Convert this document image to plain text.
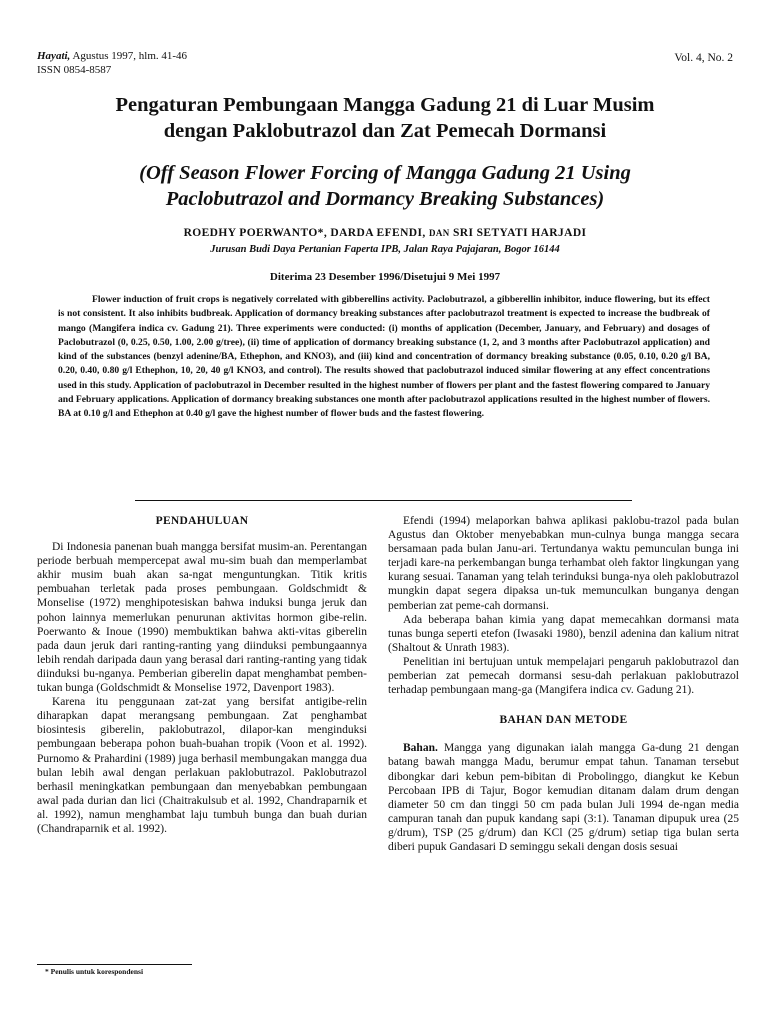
Hayati, Agustus 1997, hlm. 41-46
ISSN 0854-8587
Vol. 4, No. 2
Pengaturan Pembungaan Mangga Gadung 21 di Luar Musim
dengan Paklobutrazol dan Zat Pemecah Dormansi
(Off Season Flower Forcing of Mangga Gadung 21 Using
Paclobutrazol and Dormancy Breaking Substances)
ROEDHY POERWANTO*, DARDA EFENDI, DAN SRI SETYATI HARJADI
Jurusan Budi Daya Pertanian Faperta IPB, Jalan Raya Pajajaran, Bogor 16144
Diterima 23 Desember 1996/Disetujui 9 Mei 1997

Flower induction of fruit crops is negatively correlated with gibberellins activity. Paclobutrazol, a gibberellin inhibitor, induce flowering, but its effect is not consistent. It also inhibits budbreak. Application of dormancy breaking substances after paclobutrazol treatment is expected to increase the budbreak of mango (Mangifera indica cv. Gadung 21). Three experiments were conducted: (i) months of application (December, January, and February) and dosages of Paclobutrazol (0, 0.25, 0.50, 1.00, 2.00 g/tree), (ii) time of application of dormancy breaking substance (1, 2, and 3 months after Paclobutrazol application) and kind of the substances (benzyl adenine/BA, Ethephon, and KNO3), and (iii) kind and concentration of dormancy breaking substance (0.05, 0.10, 0.20 g/l BA, 0.20, 0.40, 0.80 g/l Ethephon, 10, 20, 40 g/l KNO3, and control). The results showed that paclobutrazol induced similar flowering at any effect concentrations used in this study. Application of paclobutrazol in December resulted in the highest number of flowers per plant and the fastest flowering compared to January and February applications. Application of dormancy breaking substances one month after paclobutrazol applications resulted in the highest number of flowers. BA at 0.10 g/l and Ethephon at 0.40 g/l gave the highest number of flower buds and the fastest flowering.

PENDAHULUAN

Di Indonesia panenan buah mangga bersifat musim-an. Perentangan periode berbuah mempercepat awal mu-sim buah dan memperlambat akhir musim buah akan sa-ngat menguntungkan. Titik kritis pembuahan terletak pada proses pembungaan. Goldschmidt & Monselise (1972) menghipotesiskan bahwa induksi bunga jeruk dan pohon lainnya memerlukan penurunan aktivitas hormon gibe-relin. Poerwanto & Inoue (1990) membuktikan bahwa akti-vitas giberelin pada daun jeruk dari ranting-ranting yang diinduksi pembungaannya lebih rendah daripada daun yang berasal dari ranting-ranting yang tidak diinduksi bu-nganya. Pemberian giberelin dapat menghambat pemben-tukan bunga (Goldschmidt & Monselise 1972, Davenport 1983).

Karena itu penggunaan zat-zat yang bersifat antigibe-relin diharapkan dapat merangsang pembungaan. Zat penghambat biosintesis giberelin, paklobutrazol, dilapor-kan menginduksi pembungaan beberapa pohon buah-buahan tropik (Voon et al. 1992). Purnomo & Prahardini (1989) juga berhasil membungakan mangga dua bulan lebih awal dengan perlakuan paklobutrazol. Paklobutrazol berhasil meningkatkan pembungaan dan menyebabkan pembungaan awal pada durian dan lici (Chaitrakulsub et al. 1992, Chandraparnik et al. 1992), namun menghambat laju tumbuh bunga dan buah durian (Chandraparnik et al. 1992).

Efendi (1994) melaporkan bahwa aplikasi paklobu-trazol pada bulan Agustus dan Oktober menyebabkan mun-culnya bunga mangga secara bersamaan pada bulan Janu-ari. Tertundanya waktu pemunculan bunga ini terjadi kare-na perkembangan bunga terhambat oleh faktor lingkungan yang kurang sesuai. Tanaman yang telah terinduksi bunga-nya oleh paklobutrazol mungkin dapat segera dipaksa un-tuk memunculkan bunganya dengan pemberian zat peme-cah dormansi.

Ada beberapa bahan kimia yang dapat memecahkan dormansi mata tunas bunga seperti etefon (Iwasaki 1980), benzil adenina dan kalium nitrat (Shaltout & Unrath 1983).

Penelitian ini bertujuan untuk mempelajari pengaruh paklobutrazol dan pemberian zat pemecah dormansi sesu-dah perlakuan paklobutrazol terhadap pembungaan mang-ga (Mangifera indica cv. Gadung 21).

BAHAN DAN METODE

Bahan. Mangga yang digunakan ialah mangga Ga-dung 21 dengan batang bawah mangga Madu, berumur empat tahun. Tanaman tersebut dibongkar dari kebun pem-bibitan di Probolinggo, diangkut ke Kebun Percobaan IPB di Tajur, Bogor kemudian ditanam dalam drum dengan diameter 50 cm dan tinggi 50 cm pada bulan Juli 1994 de-ngan media campuran tanah dan pupuk kandang sapi (3:1). Tanaman dipupuk urea (25 g/drum), TSP (25 g/drum) dan KCl (25 g/drum) setiap tiga bulan serta diberi pupuk Gandasari D seminggu sekali dengan dosis sesuai

* Penulis untuk korespondensi
